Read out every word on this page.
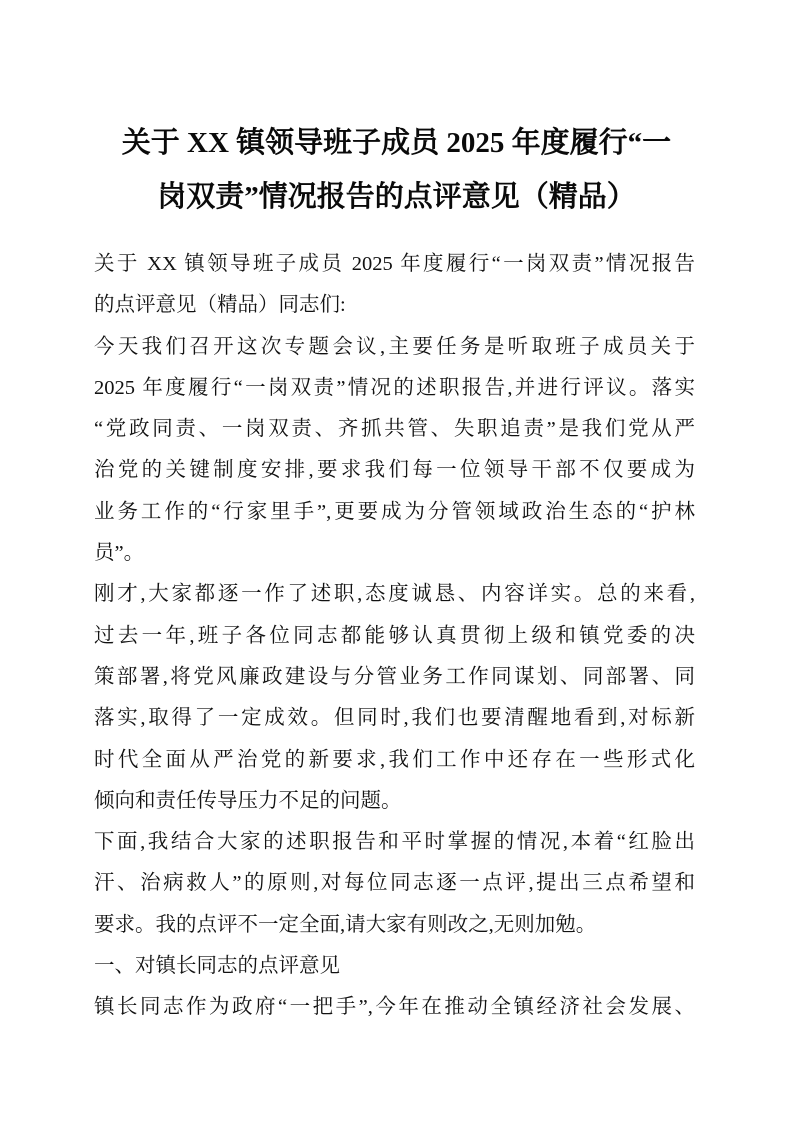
关于 XX 镇领导班子成员 2025 年度履行“一
岗双责”情况报告的点评意见（精品）
关于 XX 镇领导班子成员 2025 年度履行“一岗双责”情况报告
的点评意见（精品）同志们:
今天我们召开这次专题会议,主要任务是听取班子成员关于
2025 年度履行“一岗双责”情况的述职报告,并进行评议。落实
“党政同责、一岗双责、齐抓共管、失职追责”是我们党从严
治党的关键制度安排,要求我们每一位领导干部不仅要成为
业务工作的“行家里手”,更要成为分管领域政治生态的“护林
员”。
刚才,大家都逐一作了述职,态度诚恳、内容详实。总的来看,
过去一年,班子各位同志都能够认真贯彻上级和镇党委的决
策部署,将党风廉政建设与分管业务工作同谋划、同部署、同
落实,取得了一定成效。但同时,我们也要清醒地看到,对标新
时代全面从严治党的新要求,我们工作中还存在一些形式化
倾向和责任传导压力不足的问题。
下面,我结合大家的述职报告和平时掌握的情况,本着“红脸出
汗、治病救人”的原则,对每位同志逐一点评,提出三点希望和
要求。我的点评不一定全面,请大家有则改之,无则加勉。
一、对镇长同志的点评意见
镇长同志作为政府“一把手”,今年在推动全镇经济社会发展、
